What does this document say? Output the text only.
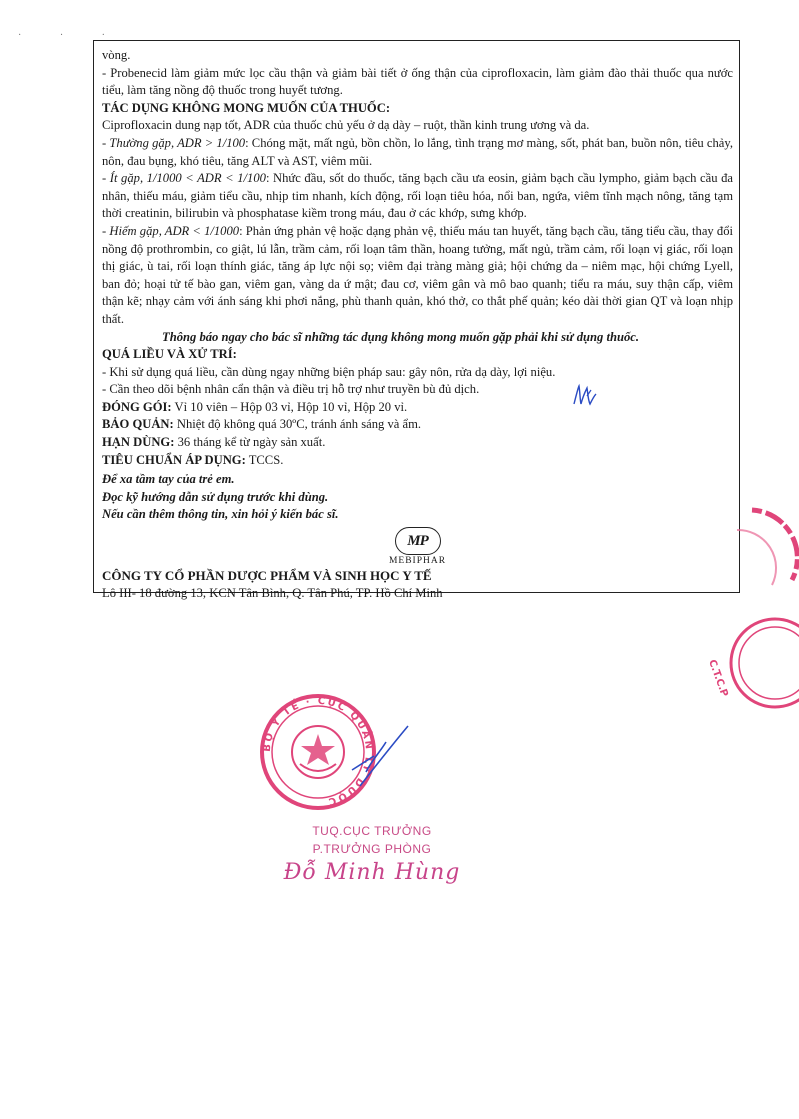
· · ·

vòng.

- Probenecid làm giảm mức lọc cầu thận và giảm bài tiết ở ống thận của ciprofloxacin, làm giảm đào thải thuốc qua nước tiểu, làm tăng nồng độ thuốc trong huyết tương.

TÁC DỤNG KHÔNG MONG MUỐN CỦA THUỐC:

Ciprofloxacin dung nạp tốt, ADR của thuốc chủ yếu ở dạ dày – ruột, thần kinh trung ương và da.

- Thường gặp, ADR > 1/100: Chóng mặt, mất ngủ, bồn chồn, lo lắng, tình trạng mơ màng, sốt, phát ban, buồn nôn, tiêu chảy, nôn, đau bụng, khó tiêu, tăng ALT và AST, viêm mũi.

- Ít gặp, 1/1000 < ADR < 1/100: Nhức đầu, sốt do thuốc, tăng bạch cầu ưa eosin, giảm bạch cầu lympho, giảm bạch cầu đa nhân, thiếu máu, giảm tiểu cầu, nhịp tim nhanh, kích động, rối loạn tiêu hóa, nổi ban, ngứa, viêm tĩnh mạch nông, tăng tạm thời creatinin, bilirubin và phosphatase kiềm trong máu, đau ở các khớp, sưng khớp.

- Hiếm gặp, ADR < 1/1000: Phản ứng phản vệ hoặc dạng phản vệ, thiếu máu tan huyết, tăng bạch cầu, tăng tiểu cầu, thay đổi nồng độ prothrombin, co giật, lú lẫn, trầm cảm, rối loạn tâm thần, hoang tưởng, mất ngủ, trầm cảm, rối loạn vị giác, rối loạn thị giác, ù tai, rối loạn thính giác, tăng áp lực nội sọ; viêm đại tràng màng giả; hội chứng da – niêm mạc, hội chứng Lyell, ban đỏ; hoại tử tế bào gan, viêm gan, vàng da ứ mật; đau cơ, viêm gân và mô bao quanh; tiểu ra máu, suy thận cấp, viêm thận kẽ; nhạy cảm với ánh sáng khi phơi nắng, phù thanh quản, khó thở, co thắt phế quản; kéo dài thời gian QT và loạn nhịp thất.

Thông báo ngay cho bác sĩ những tác dụng không mong muốn gặp phải khi sử dụng thuốc.

QUÁ LIỀU VÀ XỬ TRÍ:

- Khi sử dụng quá liều, cần dùng ngay những biện pháp sau: gây nôn, rửa dạ dày, lợi niệu.

- Cần theo dõi bệnh nhân cẩn thận và điều trị hỗ trợ như truyền bù đủ dịch.

ĐÓNG GÓI: Vỉ 10 viên – Hộp 03 vỉ, Hộp 10 vỉ, Hộp 20 vỉ.

BẢO QUẢN: Nhiệt độ không quá 30ºC, tránh ánh sáng và ẩm.

HẠN DÙNG: 36 tháng kể từ ngày sản xuất.

TIÊU CHUẨN ÁP DỤNG: TCCS.

Để xa tầm tay của trẻ em.

Đọc kỹ hướng dẫn sử dụng trước khi dùng.

Nếu cần thêm thông tin, xin hỏi ý kiến bác sĩ.

MP
MEBIPHAR

CÔNG TY CỔ PHẦN DƯỢC PHẨM VÀ SINH HỌC Y TẾ

Lô III- 18 đường 13, KCN Tân Bình, Q. Tân Phú, TP. Hồ Chí Minh

C.T.C.P
BỘ Y TẾ · CỤC QUẢN LÝ DƯỢC
TUQ.CỤC TRƯỞNG
P.TRƯỞNG PHÒNG
Đỗ Minh Hùng
